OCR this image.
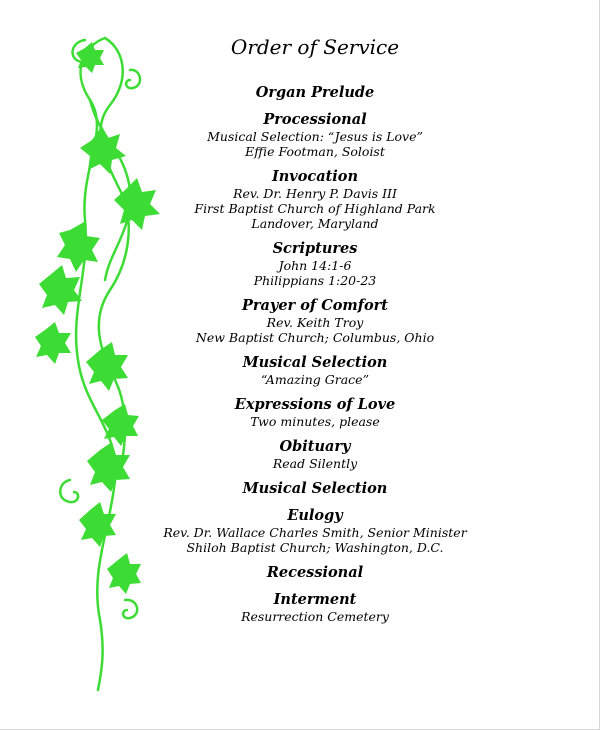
Order of Service
Organ Prelude
Processional
Musical Selection: “Jesus is Love”
Effie Footman, Soloist
Invocation
Rev. Dr. Henry P. Davis III
First Baptist Church of Highland Park
Landover, Maryland
Scriptures
John 14:1-6
Philippians 1:20-23
Prayer of Comfort
Rev. Keith Troy
New Baptist Church; Columbus, Ohio
Musical Selection
“Amazing Grace”
Expressions of Love
Two minutes, please
Obituary
Read Silently
Musical Selection
Eulogy
Rev. Dr. Wallace Charles Smith, Senior Minister
Shiloh Baptist Church; Washington, D.C.
Recessional
Interment
Resurrection Cemetery
